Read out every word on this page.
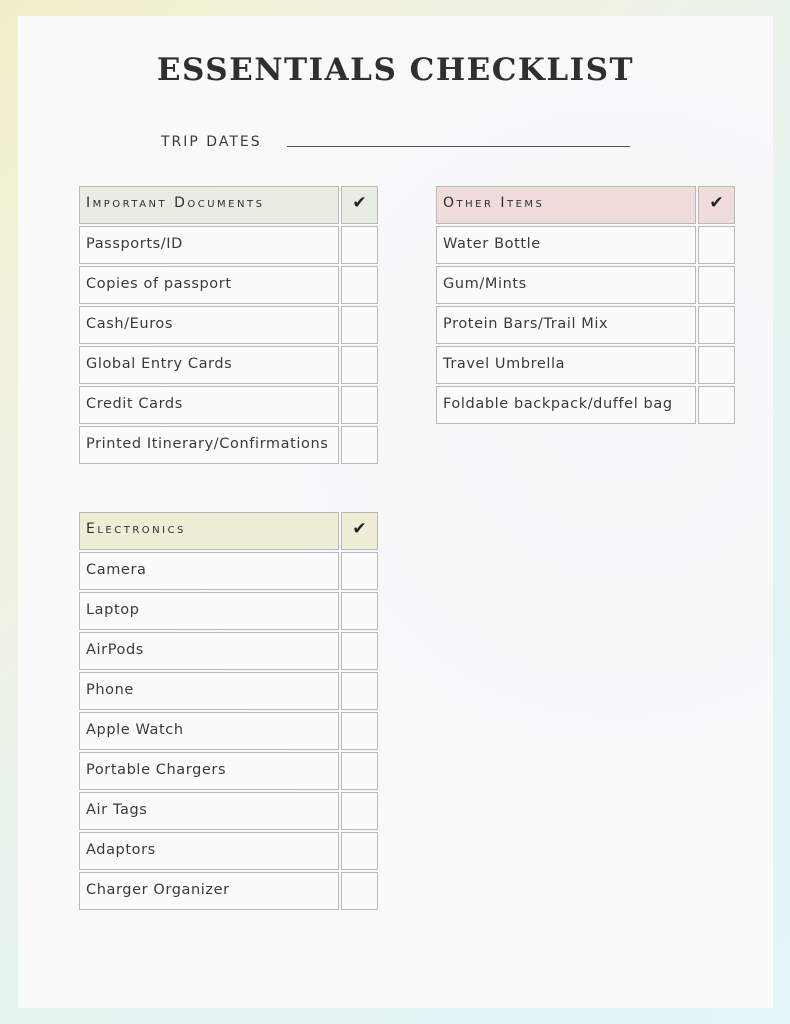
ESSENTIALS CHECKLIST
TRIP DATES
Important Documents	✔
Passports/ID
Copies of passport
Cash/Euros
Global Entry Cards
Credit Cards
Printed Itinerary/Confirmations
Other Items	✔
Water Bottle
Gum/Mints
Protein Bars/Trail Mix
Travel Umbrella
Foldable backpack/duffel bag
Electronics	✔
Camera
Laptop
AirPods
Phone
Apple Watch
Portable Chargers
Air Tags
Adaptors
Charger Organizer
